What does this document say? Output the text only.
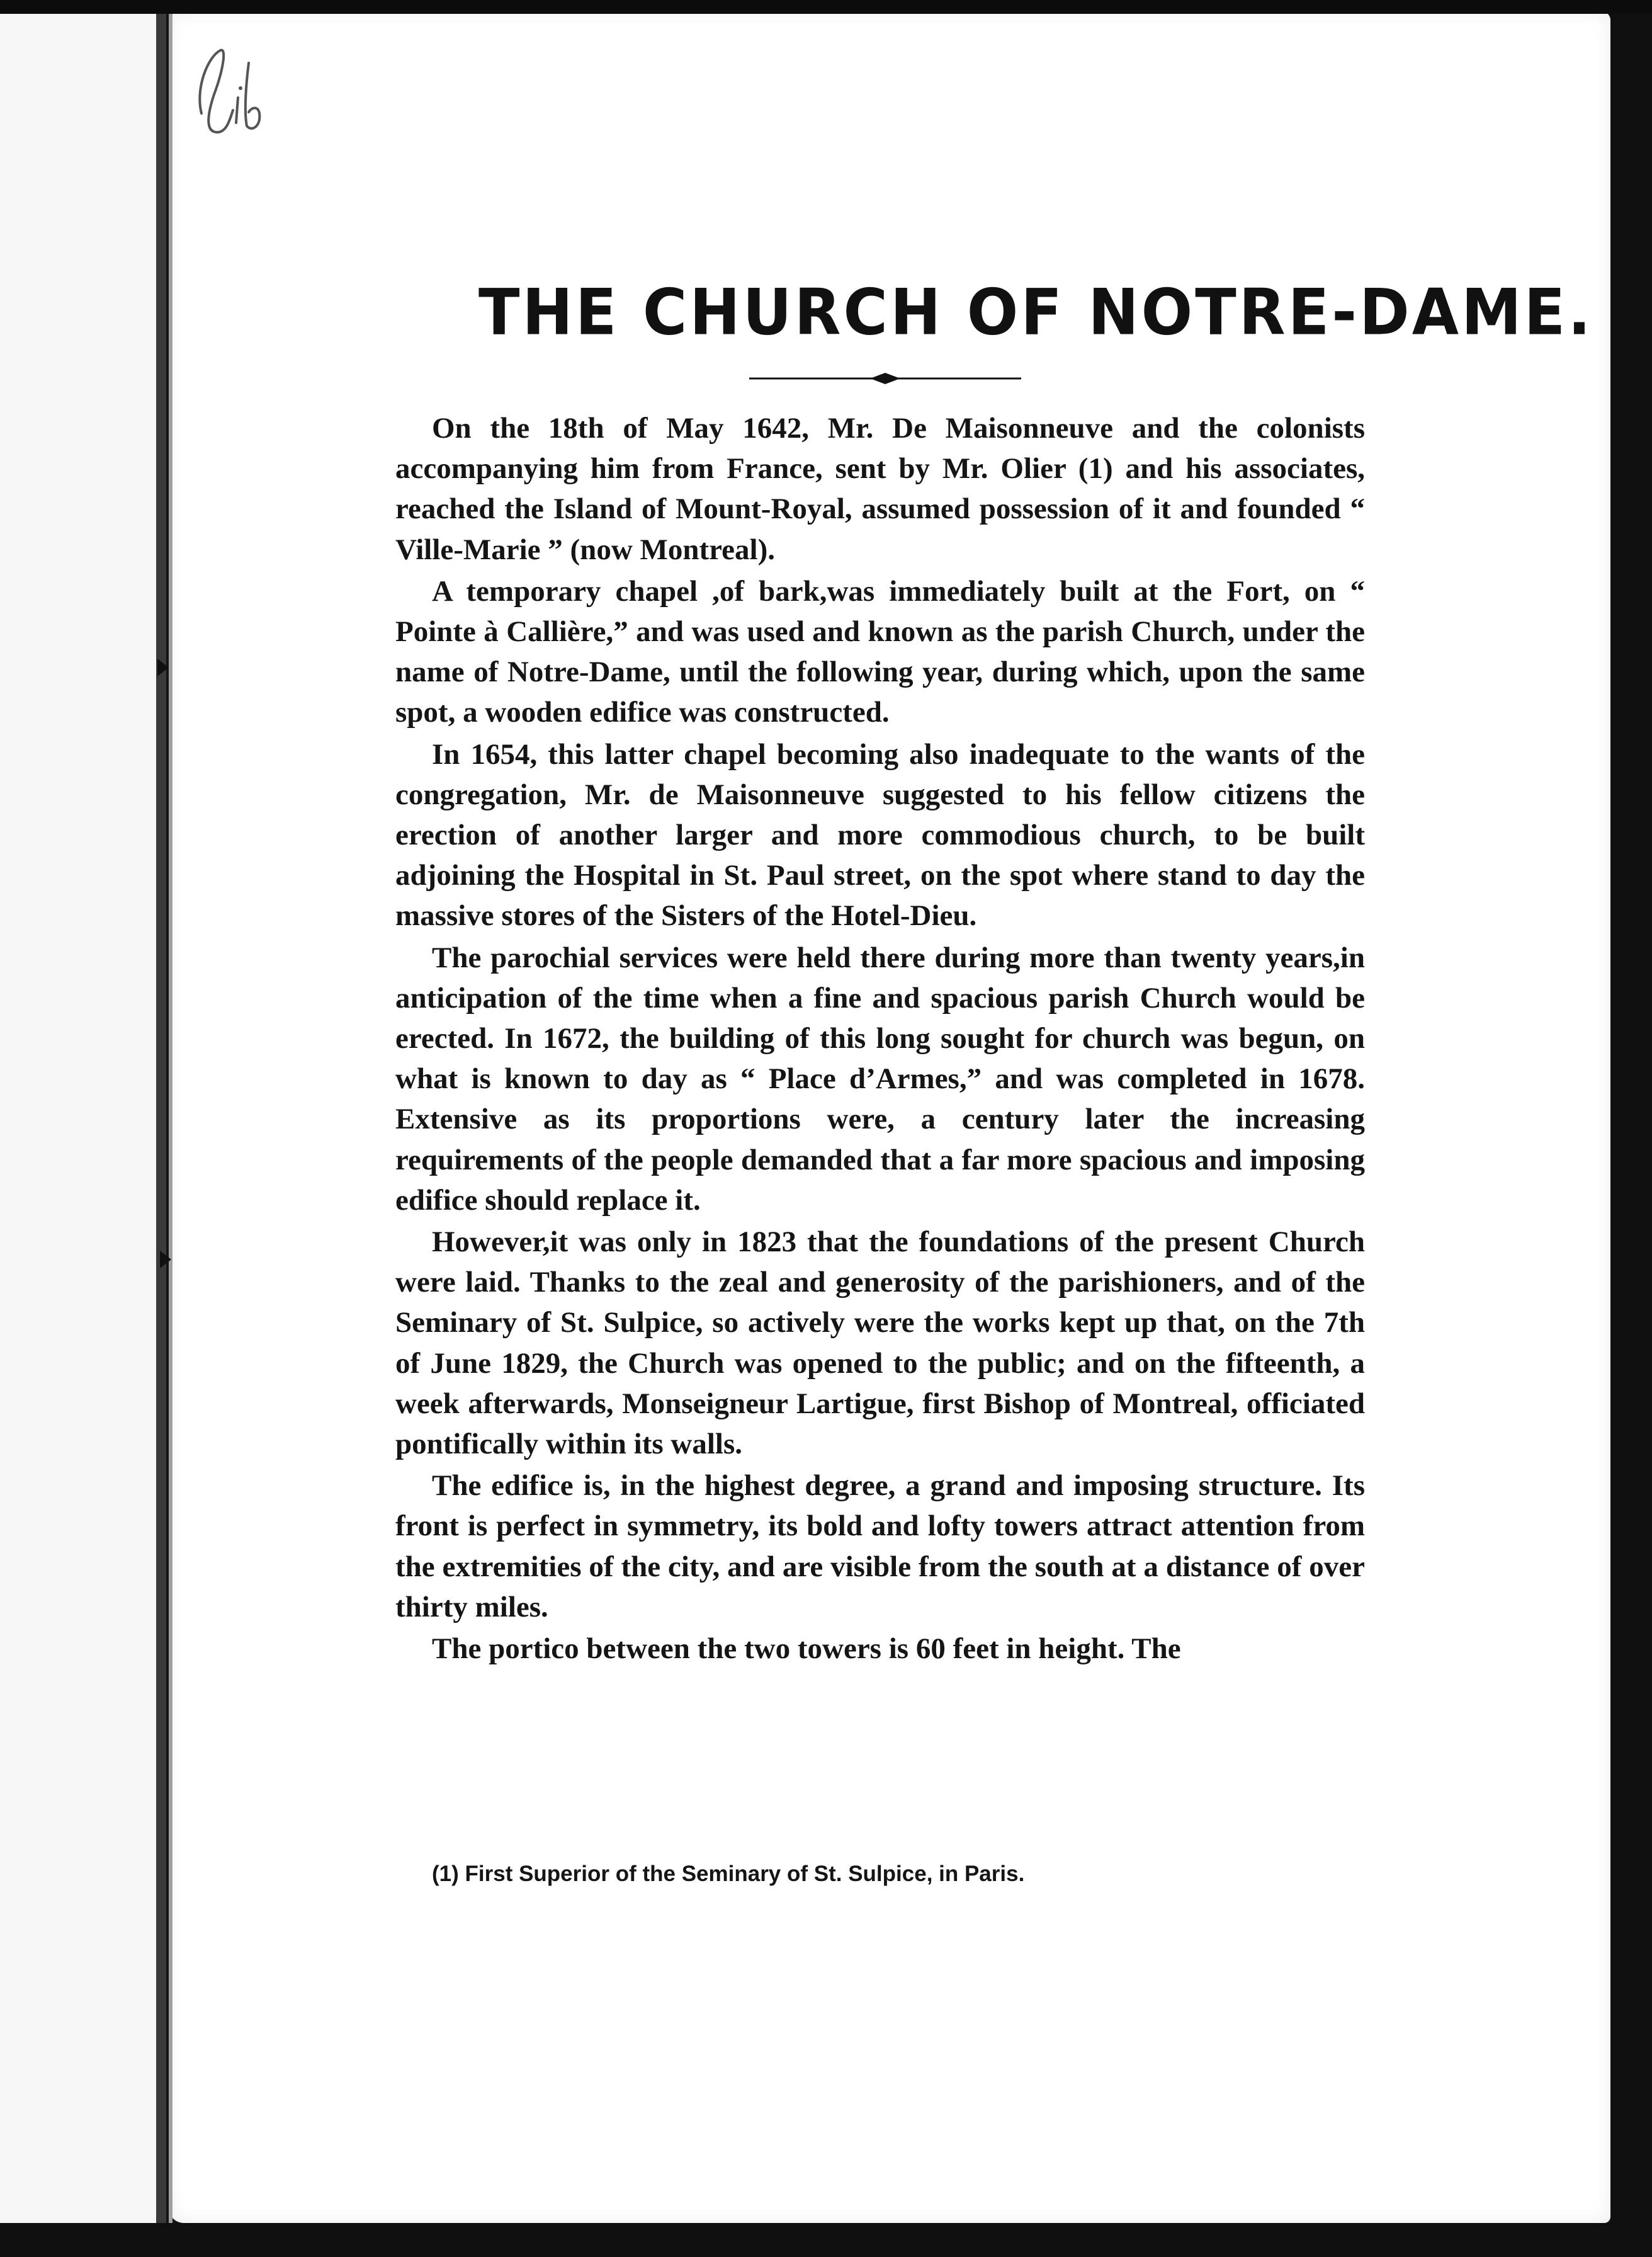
THE CHURCH OF NOTRE-DAME.

On the 18th of May 1642, Mr. De Maisonneuve and the colonists accompanying him from France, sent by Mr. Olier (1) and his associates, reached the Island of Mount-Royal, assumed possession of it and founded “ Ville-Marie ” (now Montreal).

A temporary chapel ,of bark,was immediately built at the Fort, on “ Pointe à Callière,” and was used and known as the parish Church, under the name of Notre-Dame, until the following year, during which, upon the same spot, a wooden edifice was constructed.

In 1654, this latter chapel becoming also inadequate to the wants of the congregation, Mr. de Maisonneuve suggested to his fellow citizens the erection of another larger and more commodious church, to be built adjoining the Hospital in St. Paul street, on the spot where stand to day the massive stores of the Sisters of the Hotel-Dieu.

The parochial services were held there during more than twenty years,in anticipation of the time when a fine and spacious parish Church would be erected. In 1672, the building of this long sought for church was begun, on what is known to day as “ Place d’Armes,” and was completed in 1678. Extensive as its proportions were, a century later the increasing requirements of the people demanded that a far more spacious and imposing edifice should replace it.

However,it was only in 1823 that the foundations of the present Church were laid. Thanks to the zeal and generosity of the parishioners, and of the Seminary of St. Sulpice, so actively were the works kept up that, on the 7th of June 1829, the Church was opened to the public; and on the fifteenth, a week afterwards, Monseigneur Lartigue, first Bishop of Montreal, officiated pontifically within its walls.

The edifice is, in the highest degree, a grand and imposing structure. Its front is perfect in symmetry, its bold and lofty towers attract attention from the extremities of the city, and are visible from the south at a distance of over thirty miles.

The portico between the two towers is 60 feet in height. The

(1) First Superior of the Seminary of St. Sulpice, in Paris.
